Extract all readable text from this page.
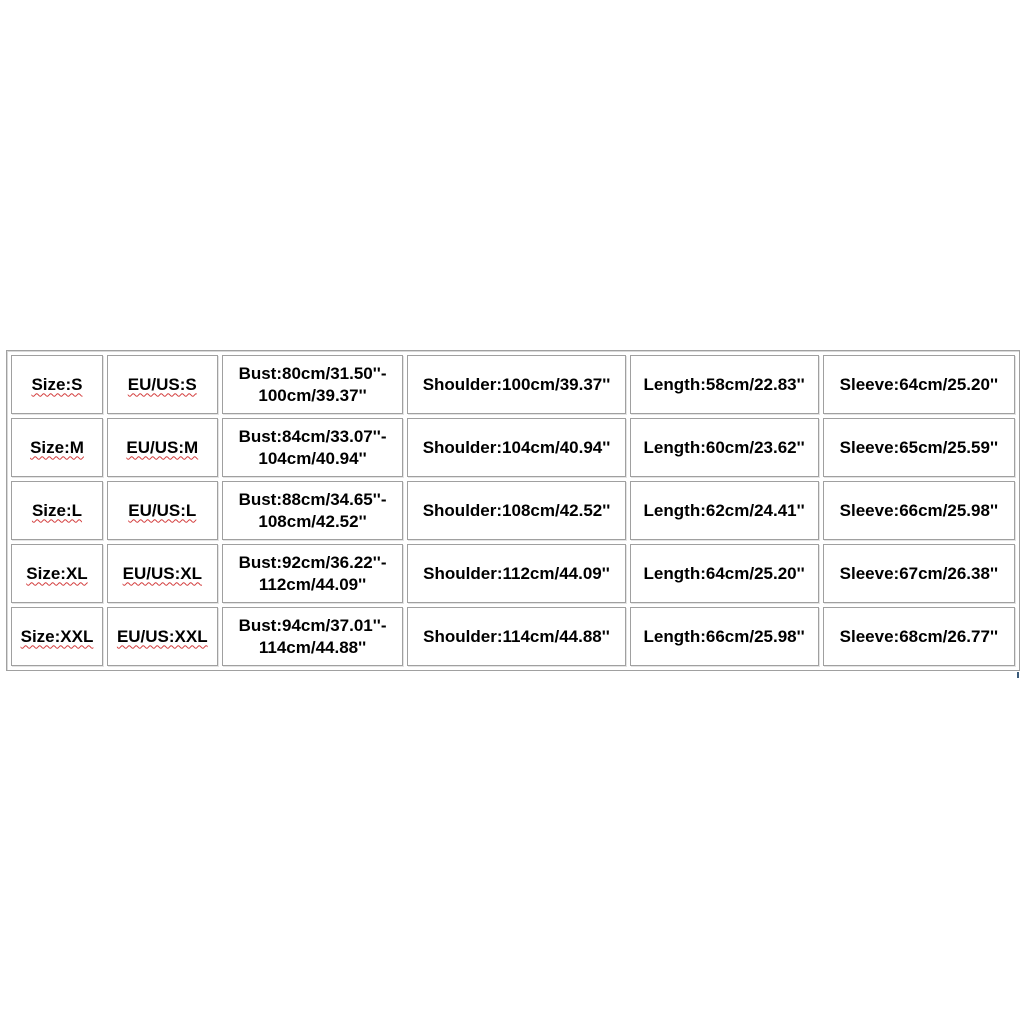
Size:S	EU/US:S	Bust:80cm/31.50''-
100cm/39.37''	Shoulder:100cm/39.37''	Length:58cm/22.83''	Sleeve:64cm/25.20''
Size:M	EU/US:M	Bust:84cm/33.07''-
104cm/40.94''	Shoulder:104cm/40.94''	Length:60cm/23.62''	Sleeve:65cm/25.59''
Size:L	EU/US:L	Bust:88cm/34.65''-
108cm/42.52''	Shoulder:108cm/42.52''	Length:62cm/24.41''	Sleeve:66cm/25.98''
Size:XL	EU/US:XL	Bust:92cm/36.22''-
112cm/44.09''	Shoulder:112cm/44.09''	Length:64cm/25.20''	Sleeve:67cm/26.38''
Size:XXL	EU/US:XXL	Bust:94cm/37.01''-
114cm/44.88''	Shoulder:114cm/44.88''	Length:66cm/25.98''	Sleeve:68cm/26.77''
